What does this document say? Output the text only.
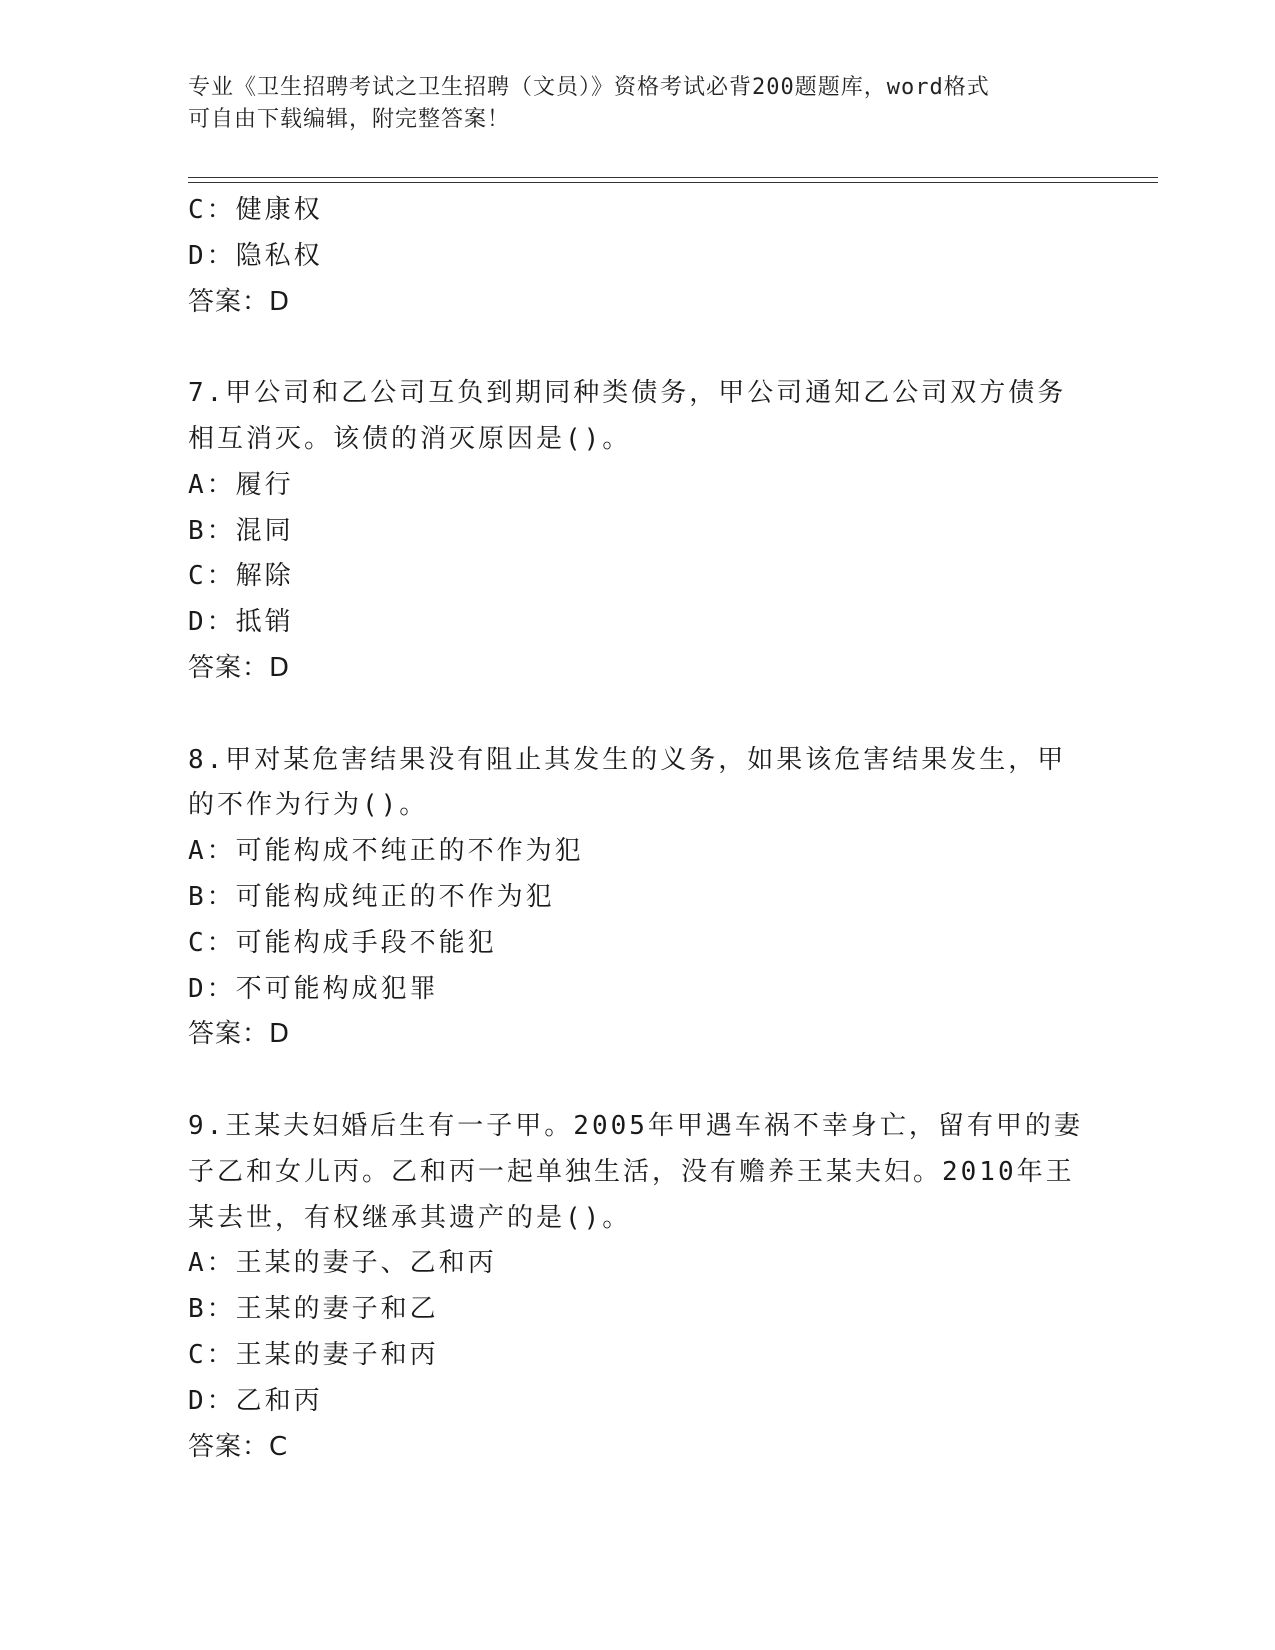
专业《卫生招聘考试之卫生招聘（文员）》资格考试必背200题题库，word格式
可自由下载编辑，附完整答案！
C：健康权
D：隐私权
答案：D
7.甲公司和乙公司互负到期同种类债务，甲公司通知乙公司双方债务
相互消灭。该债的消灭原因是()。
A：履行
B：混同
C：解除
D：抵销
答案：D
8.甲对某危害结果没有阻止其发生的义务，如果该危害结果发生，甲
的不作为行为()。
A：可能构成不纯正的不作为犯
B：可能构成纯正的不作为犯
C：可能构成手段不能犯
D：不可能构成犯罪
答案：D
9.王某夫妇婚后生有一子甲。2005年甲遇车祸不幸身亡，留有甲的妻
子乙和女儿丙。乙和丙一起单独生活，没有赡养王某夫妇。2010年王
某去世，有权继承其遗产的是()。
A：王某的妻子、乙和丙
B：王某的妻子和乙
C：王某的妻子和丙
D：乙和丙
答案：C
